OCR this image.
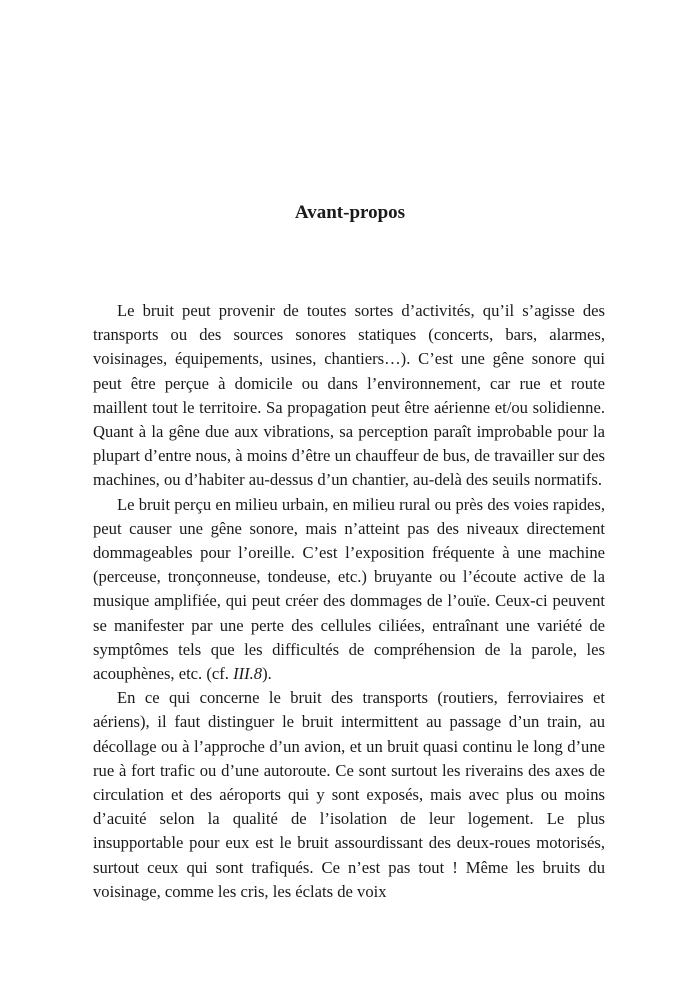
Avant-propos

Le bruit peut provenir de toutes sortes d’activités, qu’il s’agisse des transports ou des sources sonores statiques (concerts, bars, alarmes, voisinages, équipements, usines, chantiers…). C’est une gêne sonore qui peut être perçue à domicile ou dans l’environnement, car rue et route maillent tout le territoire. Sa propagation peut être aérienne et/ou solidienne. Quant à la gêne due aux vibrations, sa perception paraît improbable pour la plupart d’entre nous, à moins d’être un chauffeur de bus, de travailler sur des machines, ou d’habiter au-dessus d’un chantier, au-delà des seuils normatifs.

Le bruit perçu en milieu urbain, en milieu rural ou près des voies rapides, peut causer une gêne sonore, mais n’atteint pas des niveaux directement dommageables pour l’oreille. C’est l’exposition fréquente à une machine (perceuse, tronçonneuse, tondeuse, etc.) bruyante ou l’écoute active de la musique amplifiée, qui peut créer des dommages de l’ouïe. Ceux-ci peuvent se manifester par une perte des cellules ciliées, entraînant une variété de symptômes tels que les difficultés de compréhension de la parole, les acouphènes, etc. (cf. III.8).

En ce qui concerne le bruit des transports (routiers, ferroviaires et aériens), il faut distinguer le bruit intermittent au passage d’un train, au décollage ou à l’approche d’un avion, et un bruit quasi continu le long d’une rue à fort trafic ou d’une autoroute. Ce sont surtout les riverains des axes de circulation et des aéroports qui y sont exposés, mais avec plus ou moins d’acuité selon la qualité de l’isolation de leur logement. Le plus insupportable pour eux est le bruit assourdissant des deux-roues motorisés, surtout ceux qui sont trafiqués. Ce n’est pas tout ! Même les bruits du voisinage, comme les cris, les éclats de voix
